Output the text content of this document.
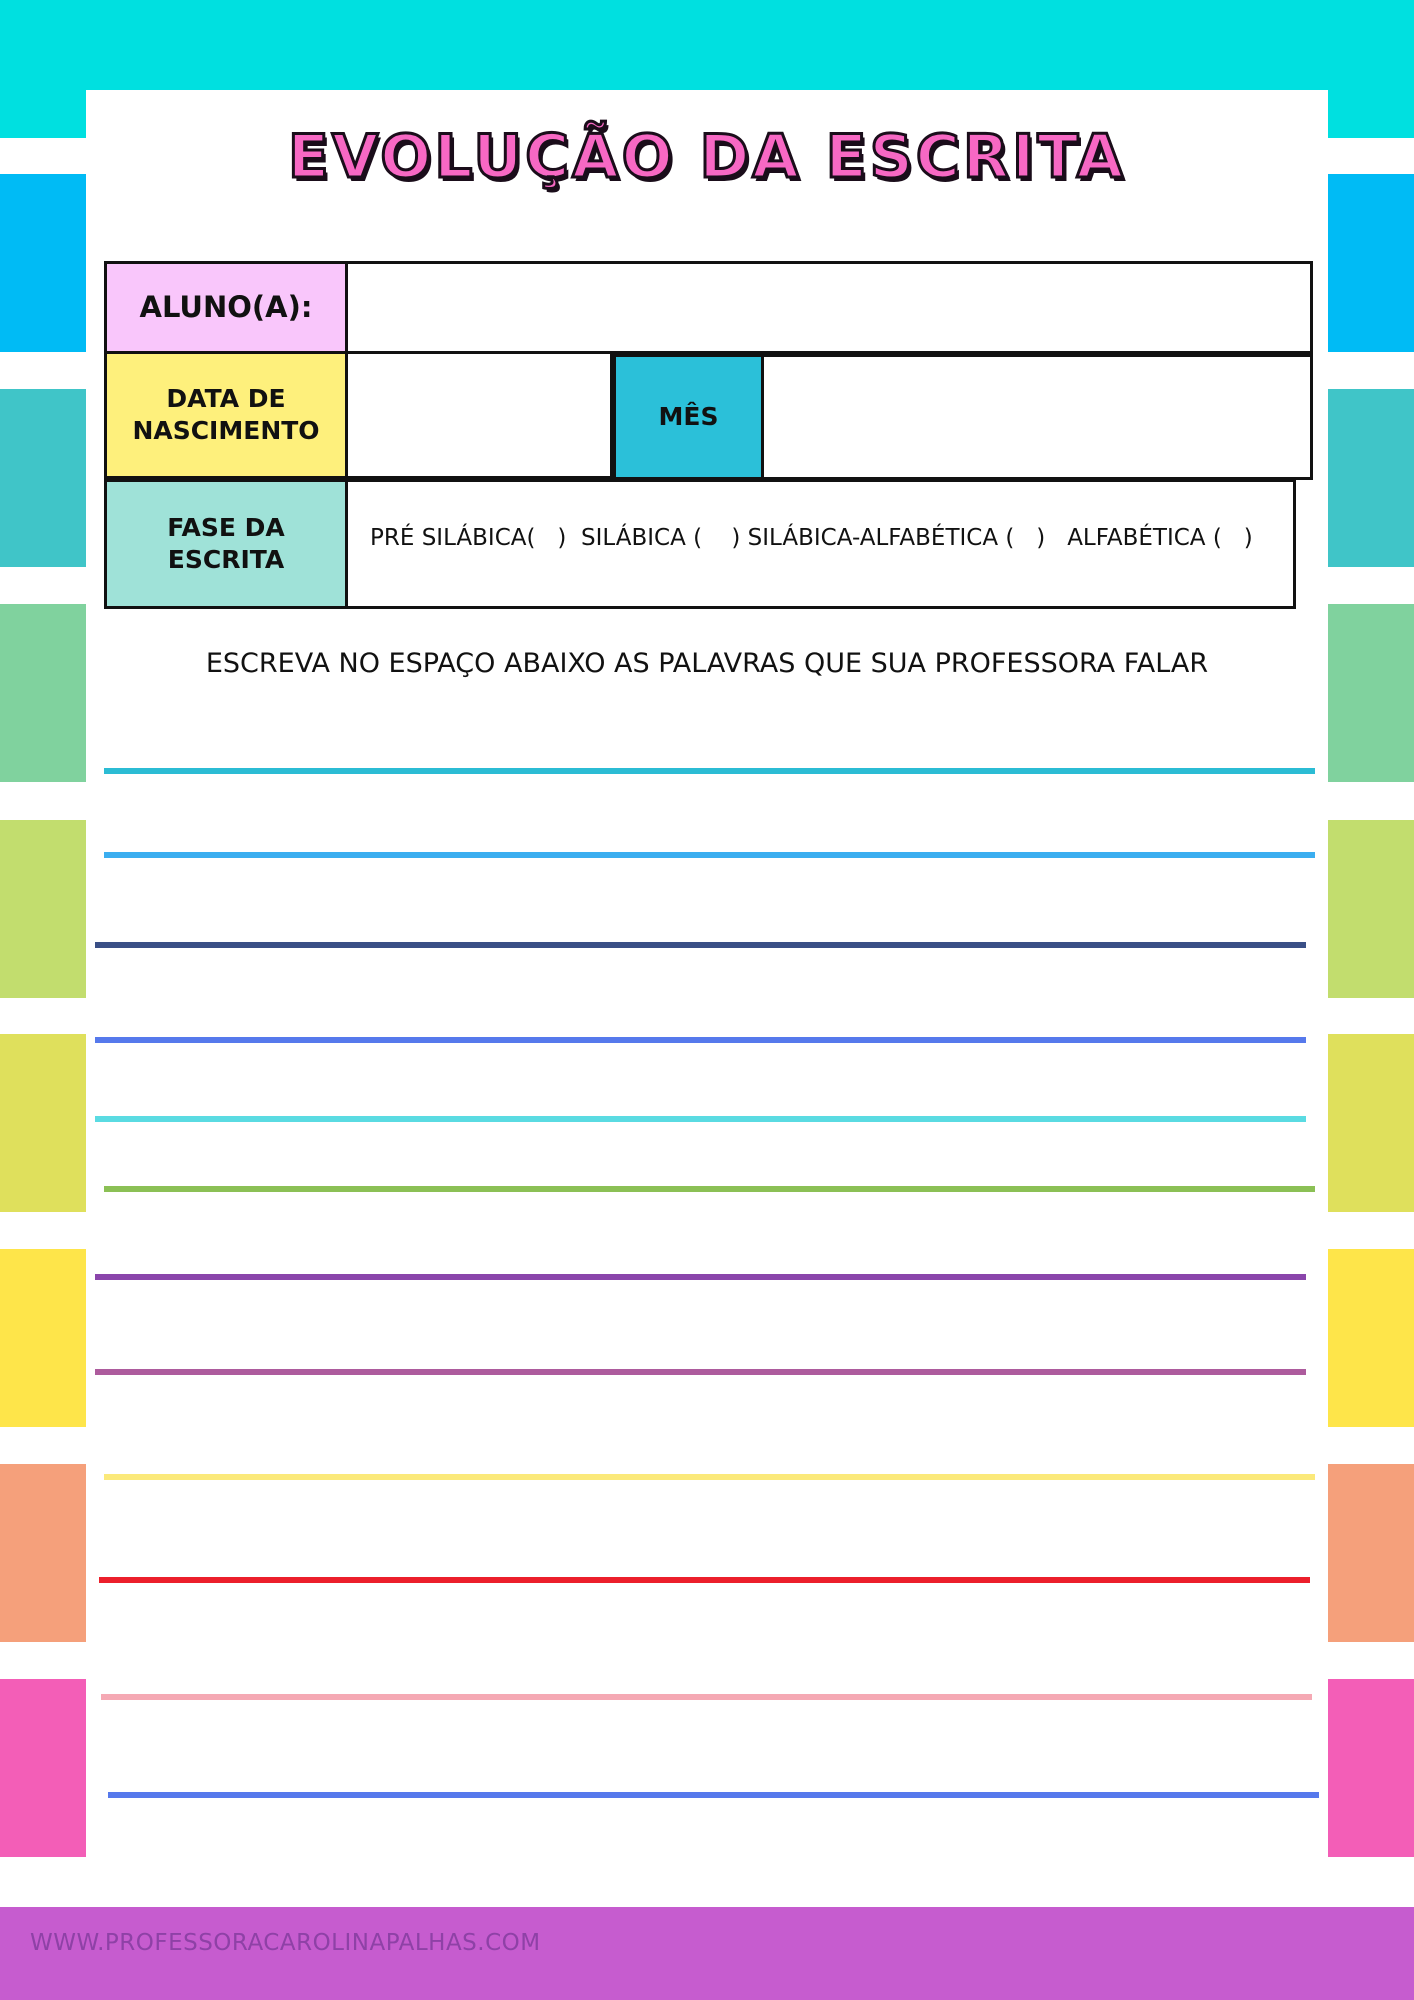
EVOLUÇÃO DA ESCRITA
ALUNO(A):
DATA DE
NASCIMENTO	MÊS
FASE DA
ESCRITA
PRÉ SILÁBICA(   )  SILÁBICA (    ) SILÁBICA-ALFABÉTICA (   )   ALFABÉTICA (   )
ESCREVA NO ESPAÇO ABAIXO AS PALAVRAS QUE SUA PROFESSORA FALAR
WWW.PROFESSORACAROLINAPALHAS.COM
